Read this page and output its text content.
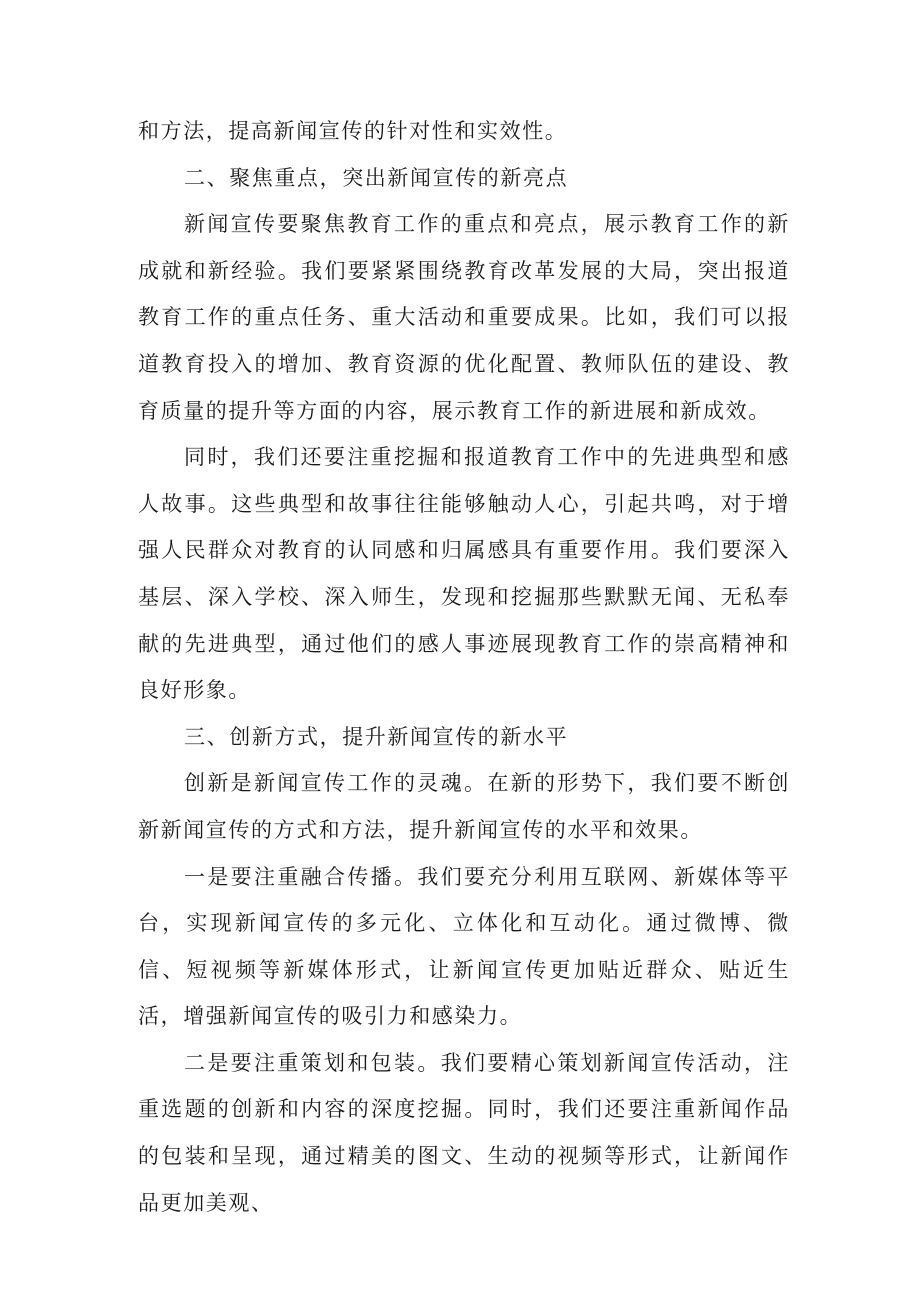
和方法，提高新闻宣传的针对性和实效性。

二、聚焦重点，突出新闻宣传的新亮点

新闻宣传要聚焦教育工作的重点和亮点，展示教育工作的新成就和新经验。我们要紧紧围绕教育改革发展的大局，突出报道教育工作的重点任务、重大活动和重要成果。比如，我们可以报道教育投入的增加、教育资源的优化配置、教师队伍的建设、教育质量的提升等方面的内容，展示教育工作的新进展和新成效。

同时，我们还要注重挖掘和报道教育工作中的先进典型和感人故事。这些典型和故事往往能够触动人心，引起共鸣，对于增强人民群众对教育的认同感和归属感具有重要作用。我们要深入基层、深入学校、深入师生，发现和挖掘那些默默无闻、无私奉献的先进典型，通过他们的感人事迹展现教育工作的崇高精神和良好形象。

三、创新方式，提升新闻宣传的新水平

创新是新闻宣传工作的灵魂。在新的形势下，我们要不断创新新闻宣传的方式和方法，提升新闻宣传的水平和效果。

一是要注重融合传播。我们要充分利用互联网、新媒体等平台，实现新闻宣传的多元化、立体化和互动化。通过微博、微信、短视频等新媒体形式，让新闻宣传更加贴近群众、贴近生活，增强新闻宣传的吸引力和感染力。

二是要注重策划和包装。我们要精心策划新闻宣传活动，注重选题的创新和内容的深度挖掘。同时，我们还要注重新闻作品的包装和呈现，通过精美的图文、生动的视频等形式，让新闻作品更加美观、
